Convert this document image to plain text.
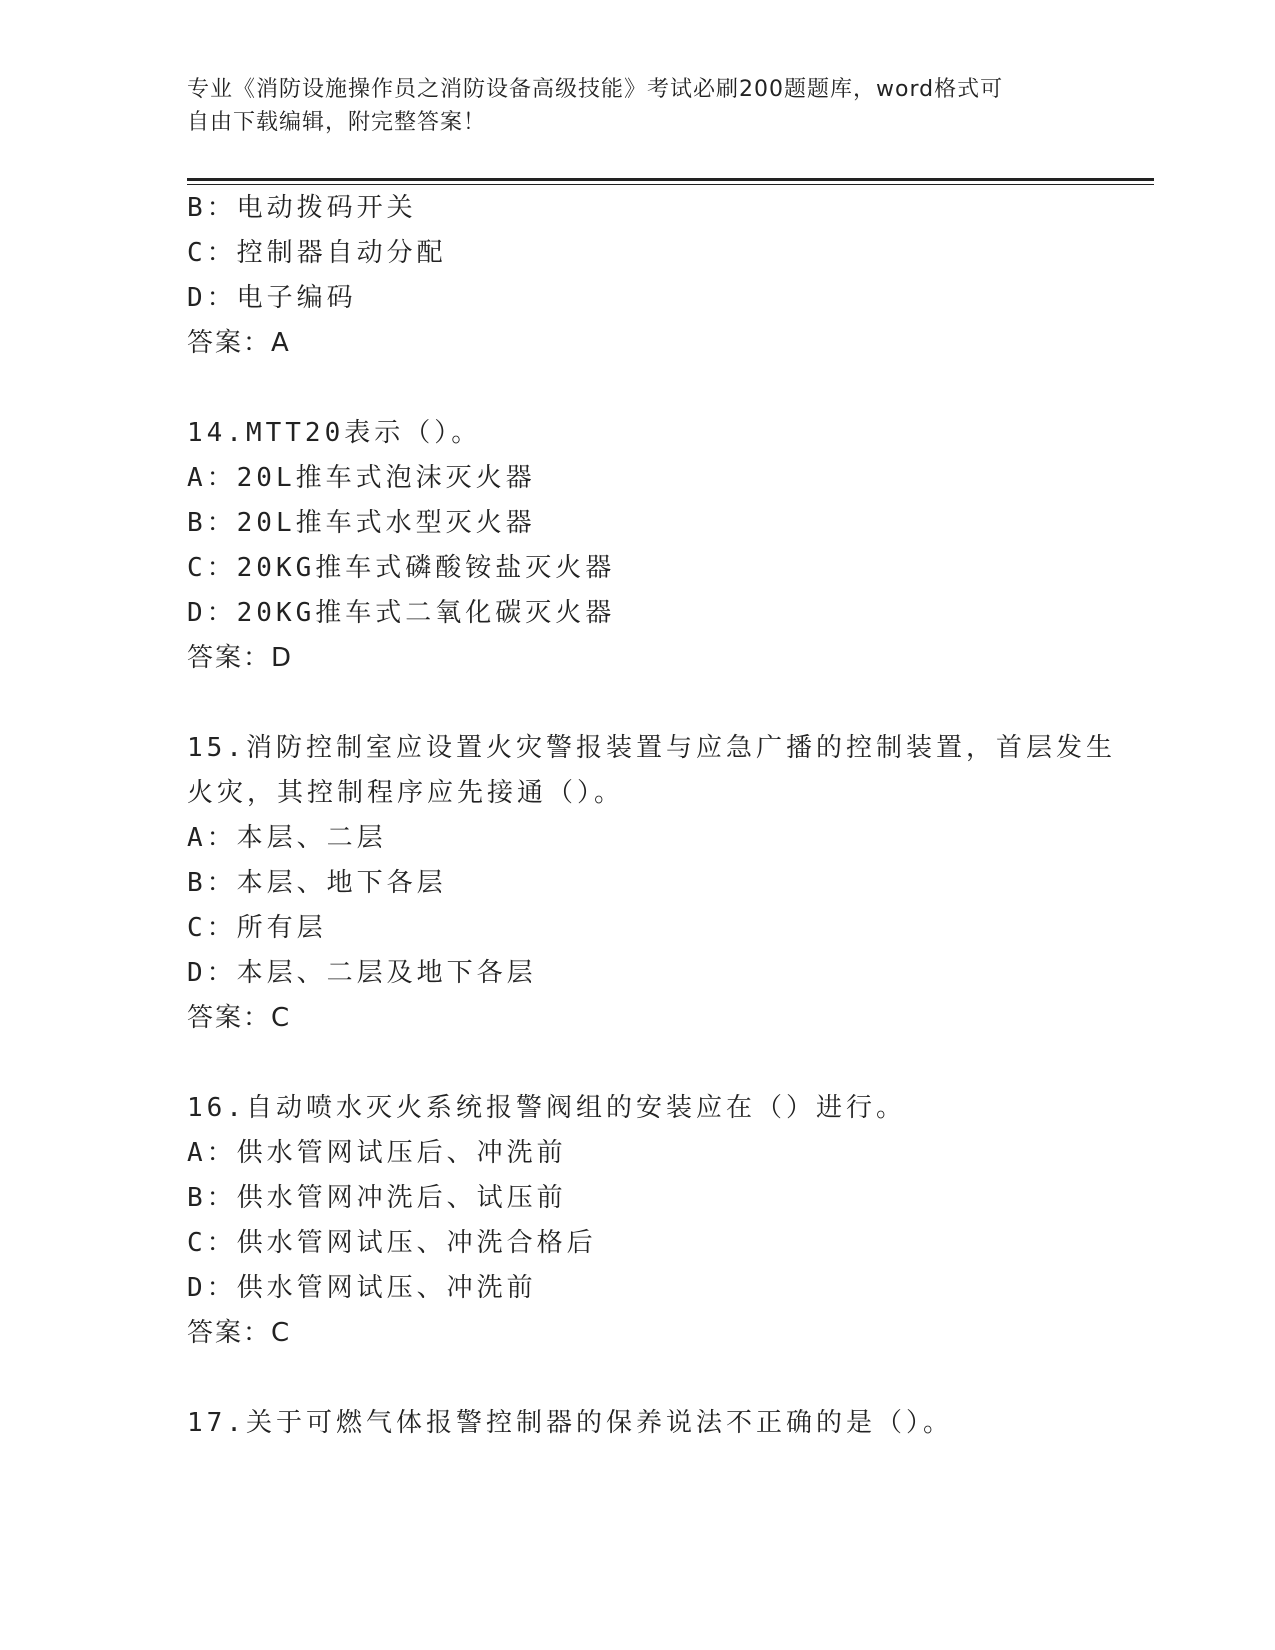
专业《消防设施操作员之消防设备高级技能》考试必刷200题题库，word格式可
自由下载编辑，附完整答案！
B：电动拨码开关
C：控制器自动分配
D：电子编码
答案：A
14.MTT20表示（）。
A：20L推车式泡沫灭火器
B：20L推车式水型灭火器
C：20KG推车式磷酸铵盐灭火器
D：20KG推车式二氧化碳灭火器
答案：D
15.消防控制室应设置火灾警报装置与应急广播的控制装置，首层发生
火灾，其控制程序应先接通（）。
A：本层、二层
B：本层、地下各层
C：所有层
D：本层、二层及地下各层
答案：C
16.自动喷水灭火系统报警阀组的安装应在（）进行。
A：供水管网试压后、冲洗前
B：供水管网冲洗后、试压前
C：供水管网试压、冲洗合格后
D：供水管网试压、冲洗前
答案：C
17.关于可燃气体报警控制器的保养说法不正确的是（）。
